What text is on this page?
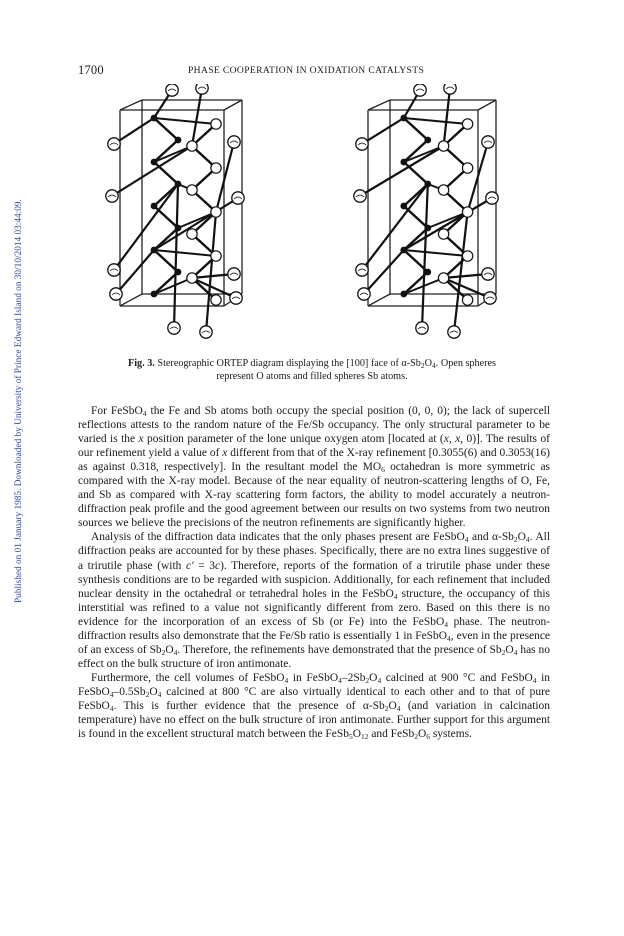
1700	PHASE COOPERATION IN OXIDATION CATALYSTS
Published on 01 January 1985. Downloaded by University of Prince Edward Island on 30/10/2014 03:44:09.	Fig. 3. Stereographic ORTEP diagram displaying the [100] face of $\alpha-Sb_2O_4$. Open spheres
represent O atoms and filled spheres Sb atoms.

For FeSbO$_4$ the Fe and Sb atoms both occupy the special position (0, 0, 0); the lack of supercell reflections attests to the random nature of the Fe/Sb occupancy. The only structural parameter to be varied is the x position parameter of the lone unique oxygen atom [located at (x, x, 0)]. The results of our refinement yield a value of x different from that of the X-ray refinement [0.3055(6) and 0.3053(16) as against 0.318, respectively]. In the resultant model the $MO_6$ octahedran is more symmetric as compared with the X-ray model. Because of the near equality of neutron-scattering lengths of O, Fe, and Sb as compared with X-ray scattering form factors, the ability to model accurately a neutron-diffraction peak profile and the good agreement between our results on two systems from two neutron sources we believe the precisions of the neutron refinements are significantly higher.

Analysis of the diffraction data indicates that the only phases present are FeSbO$_4$ and $\alpha-Sb_2O_4$. All diffraction peaks are accounted for by these phases. Specifically, there are no extra lines suggestive of a trirutile phase (with c′ = 3c). Therefore, reports of the formation of a trirutile phase under these synthesis conditions are to be regarded with suspicion. Additionally, for each refinement that included nuclear density in the octahedral or tetrahedral holes in the FeSbO$_4$ structure, the occupancy of this interstitial was refined to a value not significantly different from zero. Based on this there is no evidence for the incorporation of an excess of Sb (or Fe) into the FeSbO$_4$ phase. The neutron-diffraction results also demonstrate that the Fe/Sb ratio is essentially 1 in FeSbO$_4$, even in the presence of an excess of $Sb_2O_4$. Therefore, the refinements have demonstrated that the presence of $Sb_2O_4$ has no effect on the bulk structure of iron antimonate.

Furthermore, the cell volumes of FeSbO$_4$ in $FeSbO_4-2Sb_2O_4$ calcined at 900 °C and FeSbO$_4$ in $FeSbO_4-0.5Sb_2O_4$ calcined at 800 °C are also virtually identical to each other and to that of pure FeSbO$_4$. This is further evidence that the presence of $\alpha-Sb_2O_4$ (and variation in calcination temperature) have no effect on the bulk structure of iron antimonate. Further support for this argument is found in the excellent structural match between the $FeSb_5O_{12}$ and $FeSb_2O_6$ systems.
